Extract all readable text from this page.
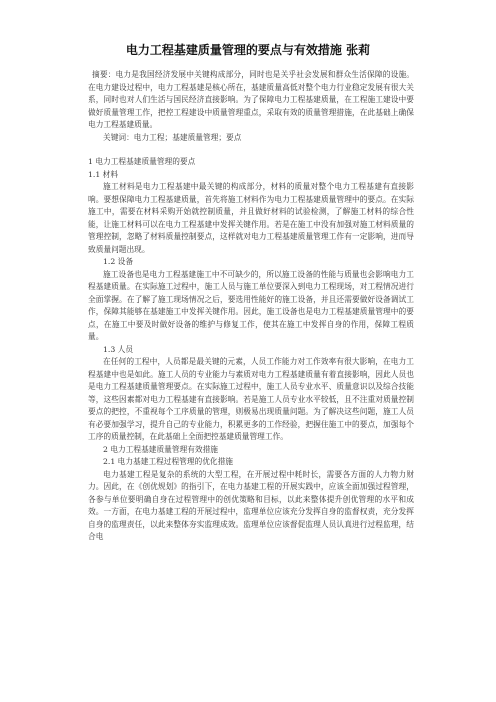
电力工程基建质量管理的要点与有效措施 张莉

摘要：电力是我国经济发展中关键构成部分，同时也是关乎社会发展和群众生活保障的设施。在电力建设过程中，电力工程基建是核心所在，基建质量高低对整个电力行业稳定发展有很大关系，同时也对人们生活与国民经济直接影响。为了保障电力工程基建质量，在工程施工建设中要做好质量管理工作，把控工程建设中质量管理重点，采取有效的质量管理措施，在此基础上确保电力工程基建质量。

关键词：电力工程；基建质量管理；要点

1 电力工程基建质量管理的要点

1.1 材料

施工材料是电力工程基建中最关键的构成部分，材料的质量对整个电力工程基建有直接影响。要想保障电力工程基建质量，首先将施工材料作为电力工程基建质量管理中的要点。在实际施工中，需要在材料采购开始就控制质量，并且做好材料的试验检测，了解施工材料的综合性能，让施工材料可以在电力工程基建中发挥关键作用。若是在施工中没有加强对施工材料质量的管理控制，忽略了材料质量控制要点，这样就对电力工程基建质量管理工作有一定影响，进而导致质量问题出现。

1.2 设备

施工设备也是电力工程基建施工中不可缺少的，所以施工设备的性能与质量也会影响电力工程基建质量。在实际施工过程中，施工人员与施工单位要深入到电力工程现场，对工程情况进行全面掌握。在了解了施工现场情况之后，要选用性能好的施工设备，并且还需要做好设备调试工作，保障其能够在基建施工中发挥关键作用。因此，施工设备也是电力工程基建质量管理中的要点，在施工中要及时做好设备的维护与修复工作，使其在施工中发挥自身的作用，保障工程质量。

1.3 人员

在任何的工程中，人员都是最关键的元素，人员工作能力对工作效率有很大影响，在电力工程基建中也是如此。施工人员的专业能力与素质对电力工程基建质量有着直接影响，因此人员也是电力工程基建质量管理要点。在实际施工过程中，施工人员专业水平、质量意识以及综合技能等，这些因素都对电力工程基建有直接影响。若是施工人员专业水平较低，且不注重对质量控制要点的把控，不重视每个工序质量的管理，则极易出现质量问题。为了解决这些问题，施工人员有必要加强学习，提升自己的专业能力，积累更多的工作经验，把握住施工中的要点，加强每个工序的质量控制，在此基础上全面把控基建质量管理工作。

2 电力工程基建质量管理有效措施

2.1 电力基建工程过程管理的优化措施

电力基建工程是复杂的系统的大型工程，在开展过程中耗时长，需要各方面的人力物力财力。因此，在《创优规划》的指引下，在电力基建工程的开展实践中，应该全面加强过程管理，各参与单位要明确自身在过程管理中的创优策略和目标，以此来整体提升创优管理的水平和成效。一方面，在电力基建工程的开展过程中，监理单位应该充分发挥自身的监督权责，充分发挥自身的监理责任，以此来整体夯实监理成效。监理单位应该督促监理人员认真进行过程监理，结合电
